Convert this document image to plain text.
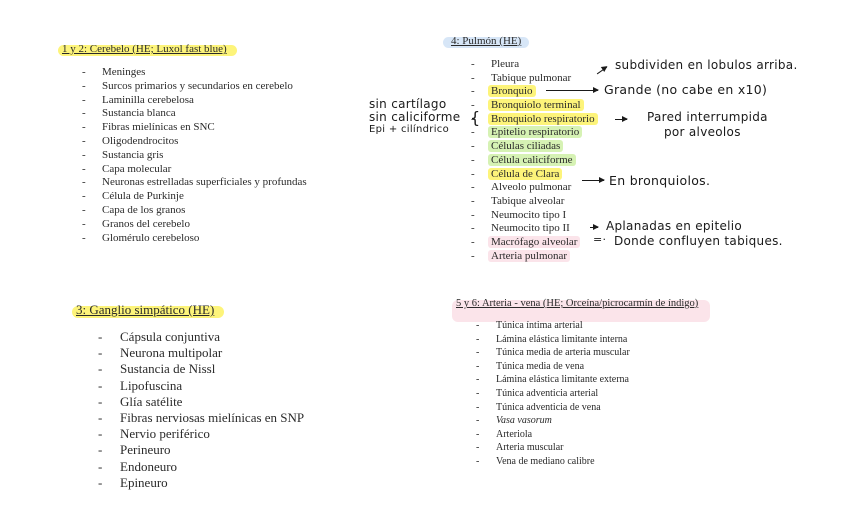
1 y 2: Cerebelo (HE; Luxol fast blue)
- Meninges
- Surcos primarios y secundarios en cerebelo
- Laminilla cerebelosa
- Sustancia blanca
- Fibras mielínicas en SNC
- Oligodendrocitos
- Sustancia gris
- Capa molecular
- Neuronas estrelladas superficiales y profundas
- Célula de Purkinje
- Capa de los granos
- Granos del cerebelo
- Glomérulo cerebeloso
4: Pulmón (HE)
- Pleura
- Tabique pulmonar
- Bronquio
- Bronquiolo terminal
- Bronquiolo respiratorio
- Epitelio respiratorio
- Células ciliadas
- Célula caliciforme
- Célula de Clara
- Alveolo pulmonar
- Tabique alveolar
- Neumocito tipo I
- Neumocito tipo II
- Macrófago alveolar
- Arteria pulmonar
subdividen en lobulos arriba.
Grande (no cabe en x10)
sin cartílago
sin caliciforme
Epi + cilíndrico
{	Pared interrumpida
por alveolos
En bronquiolos.
Aplanadas en epitelio
=· Donde confluyen tabiques.
3: Ganglio simpático (HE)
- Cápsula conjuntiva
- Neurona multipolar
- Sustancia de Nissl
- Lipofuscina
- Glía satélite
- Fibras nerviosas mielínicas en SNP
- Nervio periférico
- Perineuro
- Endoneuro
- Epineuro
5 y 6: Arteria - vena (HE; Orceína/picrocarmín de índigo)
- Túnica íntima arterial
- Lámina elástica limitante interna
- Túnica media de arteria muscular
- Túnica media de vena
- Lámina elástica limitante externa
- Túnica adventicia arterial
- Túnica adventicia de vena
- Vasa vasorum
- Arteriola
- Arteria muscular
- Vena de mediano calibre
